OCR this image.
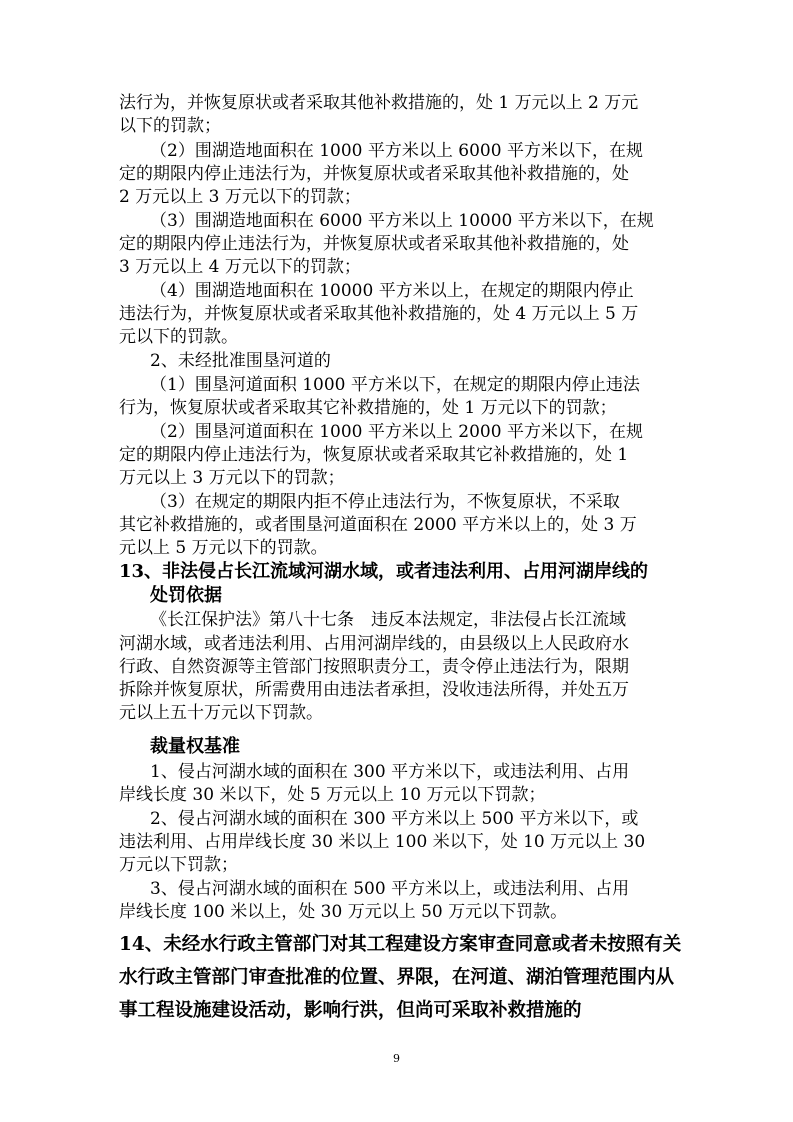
法行为，并恢复原状或者采取其他补救措施的，处 1 万元以上 2 万元
以下的罚款；
（2）围湖造地面积在 1000 平方米以上 6000 平方米以下，在规
定的期限内停止违法行为，并恢复原状或者采取其他补救措施的，处
2 万元以上 3 万元以下的罚款；
（3）围湖造地面积在 6000 平方米以上 10000 平方米以下，在规
定的期限内停止违法行为，并恢复原状或者采取其他补救措施的，处
3 万元以上 4 万元以下的罚款；
（4）围湖造地面积在 10000 平方米以上，在规定的期限内停止
违法行为，并恢复原状或者采取其他补救措施的，处 4 万元以上 5 万
元以下的罚款。
2、未经批准围垦河道的
（1）围垦河道面积 1000 平方米以下，在规定的期限内停止违法
行为，恢复原状或者采取其它补救措施的，处 1 万元以下的罚款；
（2）围垦河道面积在 1000 平方米以上 2000 平方米以下，在规
定的期限内停止违法行为，恢复原状或者采取其它补救措施的，处 1
万元以上 3 万元以下的罚款；
（3）在规定的期限内拒不停止违法行为，不恢复原状，不采取
其它补救措施的，或者围垦河道面积在 2000 平方米以上的，处 3 万
元以上 5 万元以下的罚款。
13、非法侵占长江流域河湖水域，或者违法利用、占用河湖岸线的
处罚依据
《长江保护法》第八十七条　违反本法规定，非法侵占长江流域
河湖水域，或者违法利用、占用河湖岸线的，由县级以上人民政府水
行政、自然资源等主管部门按照职责分工，责令停止违法行为，限期
拆除并恢复原状，所需费用由违法者承担，没收违法所得，并处五万
元以上五十万元以下罚款。
裁量权基准
1、侵占河湖水域的面积在 300 平方米以下，或违法利用、占用
岸线长度 30 米以下，处 5 万元以上 10 万元以下罚款；
2、侵占河湖水域的面积在 300 平方米以上 500 平方米以下，或
违法利用、占用岸线长度 30 米以上 100 米以下，处 10 万元以上 30
万元以下罚款；
3、侵占河湖水域的面积在 500 平方米以上，或违法利用、占用
岸线长度 100 米以上，处 30 万元以上 50 万元以下罚款。
14、未经水行政主管部门对其工程建设方案审查同意或者未按照有关
水行政主管部门审查批准的位置、界限，在河道、湖泊管理范围内从
事工程设施建设活动，影响行洪，但尚可采取补救措施的
9
